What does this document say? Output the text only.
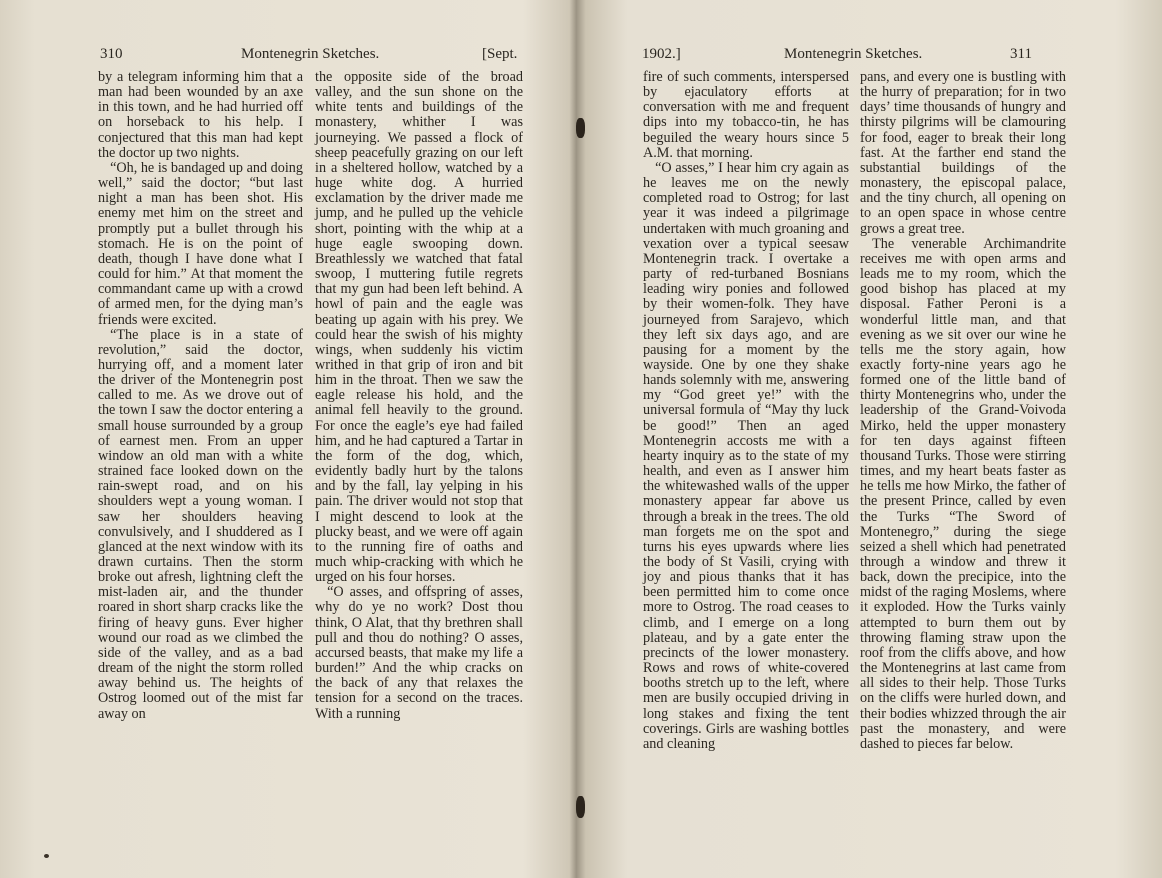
310	Montenegrin Sketches.	[Sept.

by a telegram informing him that a man had been wounded by an axe in this town, and he had hurried off on horseback to his help. I conjectured that this man had kept the doctor up two nights.

“Oh, he is bandaged up and doing well,” said the doctor; “but last night a man has been shot. His enemy met him on the street and promptly put a bullet through his stomach. He is on the point of death, though I have done what I could for him.” At that moment the commandant came up with a crowd of armed men, for the dying man’s friends were excited.

“The place is in a state of revolution,” said the doctor, hurrying off, and a moment later the driver of the Montenegrin post called to me. As we drove out of the town I saw the doctor entering a small house surrounded by a group of earnest men. From an upper window an old man with a white strained face looked down on the rain-swept road, and on his shoulders wept a young woman. I saw her shoulders heaving convulsively, and I shuddered as I glanced at the next window with its drawn curtains. Then the storm broke out afresh, lightning cleft the mist-laden air, and the thunder roared in short sharp cracks like the firing of heavy guns. Ever higher wound our road as we climbed the side of the valley, and as a bad dream of the night the storm rolled away behind us. The heights of Ostrog loomed out of the mist far away on

the opposite side of the broad valley, and the sun shone on the white tents and buildings of the monastery, whither I was journeying. We passed a flock of sheep peacefully grazing on our left in a sheltered hollow, watched by a huge white dog. A hurried exclamation by the driver made me jump, and he pulled up the vehicle short, pointing with the whip at a huge eagle swooping down. Breathlessly we watched that fatal swoop, I muttering futile regrets that my gun had been left behind. A howl of pain and the eagle was beating up again with his prey. We could hear the swish of his mighty wings, when suddenly his victim writhed in that grip of iron and bit him in the throat. Then we saw the eagle release his hold, and the animal fell heavily to the ground. For once the eagle’s eye had failed him, and he had captured a Tartar in the form of the dog, which, evidently badly hurt by the talons and by the fall, lay yelping in his pain. The driver would not stop that I might descend to look at the plucky beast, and we were off again to the running fire of oaths and much whip-cracking with which he urged on his four horses.

“O asses, and offspring of asses, why do ye no work? Dost thou think, O Alat, that thy brethren shall pull and thou do nothing? O asses, accursed beasts, that make my life a burden!” And the whip cracks on the back of any that relaxes the tension for a second on the traces. With a running

1902.]	Montenegrin Sketches.	311

fire of such comments, interspersed by ejaculatory efforts at conversation with me and frequent dips into my tobacco-tin, he has beguiled the weary hours since 5 A.M. that morning.

“O asses,” I hear him cry again as he leaves me on the newly completed road to Ostrog; for last year it was indeed a pilgrimage undertaken with much groaning and vexation over a typical seesaw Montenegrin track. I overtake a party of red-turbaned Bosnians leading wiry ponies and followed by their women-folk. They have journeyed from Sarajevo, which they left six days ago, and are pausing for a moment by the wayside. One by one they shake hands solemnly with me, answering my “God greet ye!” with the universal formula of “May thy luck be good!” Then an aged Montenegrin accosts me with a hearty inquiry as to the state of my health, and even as I answer him the whitewashed walls of the upper monastery appear far above us through a break in the trees. The old man forgets me on the spot and turns his eyes upwards where lies the body of St Vasili, crying with joy and pious thanks that it has been permitted him to come once more to Ostrog. The road ceases to climb, and I emerge on a long plateau, and by a gate enter the precincts of the lower monastery. Rows and rows of white-covered booths stretch up to the left, where men are busily occupied driving in long stakes and fixing the tent coverings. Girls are washing bottles and cleaning

pans, and every one is bustling with the hurry of preparation; for in two days’ time thousands of hungry and thirsty pilgrims will be clamouring for food, eager to break their long fast. At the farther end stand the substantial buildings of the monastery, the episcopal palace, and the tiny church, all opening on to an open space in whose centre grows a great tree.

The venerable Archimandrite receives me with open arms and leads me to my room, which the good bishop has placed at my disposal. Father Peroni is a wonderful little man, and that evening as we sit over our wine he tells me the story again, how exactly forty-nine years ago he formed one of the little band of thirty Montenegrins who, under the leadership of the Grand-Voivoda Mirko, held the upper monastery for ten days against fifteen thousand Turks. Those were stirring times, and my heart beats faster as he tells me how Mirko, the father of the present Prince, called by even the Turks “The Sword of Montenegro,” during the siege seized a shell which had penetrated through a window and threw it back, down the precipice, into the midst of the raging Moslems, where it exploded. How the Turks vainly attempted to burn them out by throwing flaming straw upon the roof from the cliffs above, and how the Montenegrins at last came from all sides to their help. Those Turks on the cliffs were hurled down, and their bodies whizzed through the air past the monastery, and were dashed to pieces far below.
